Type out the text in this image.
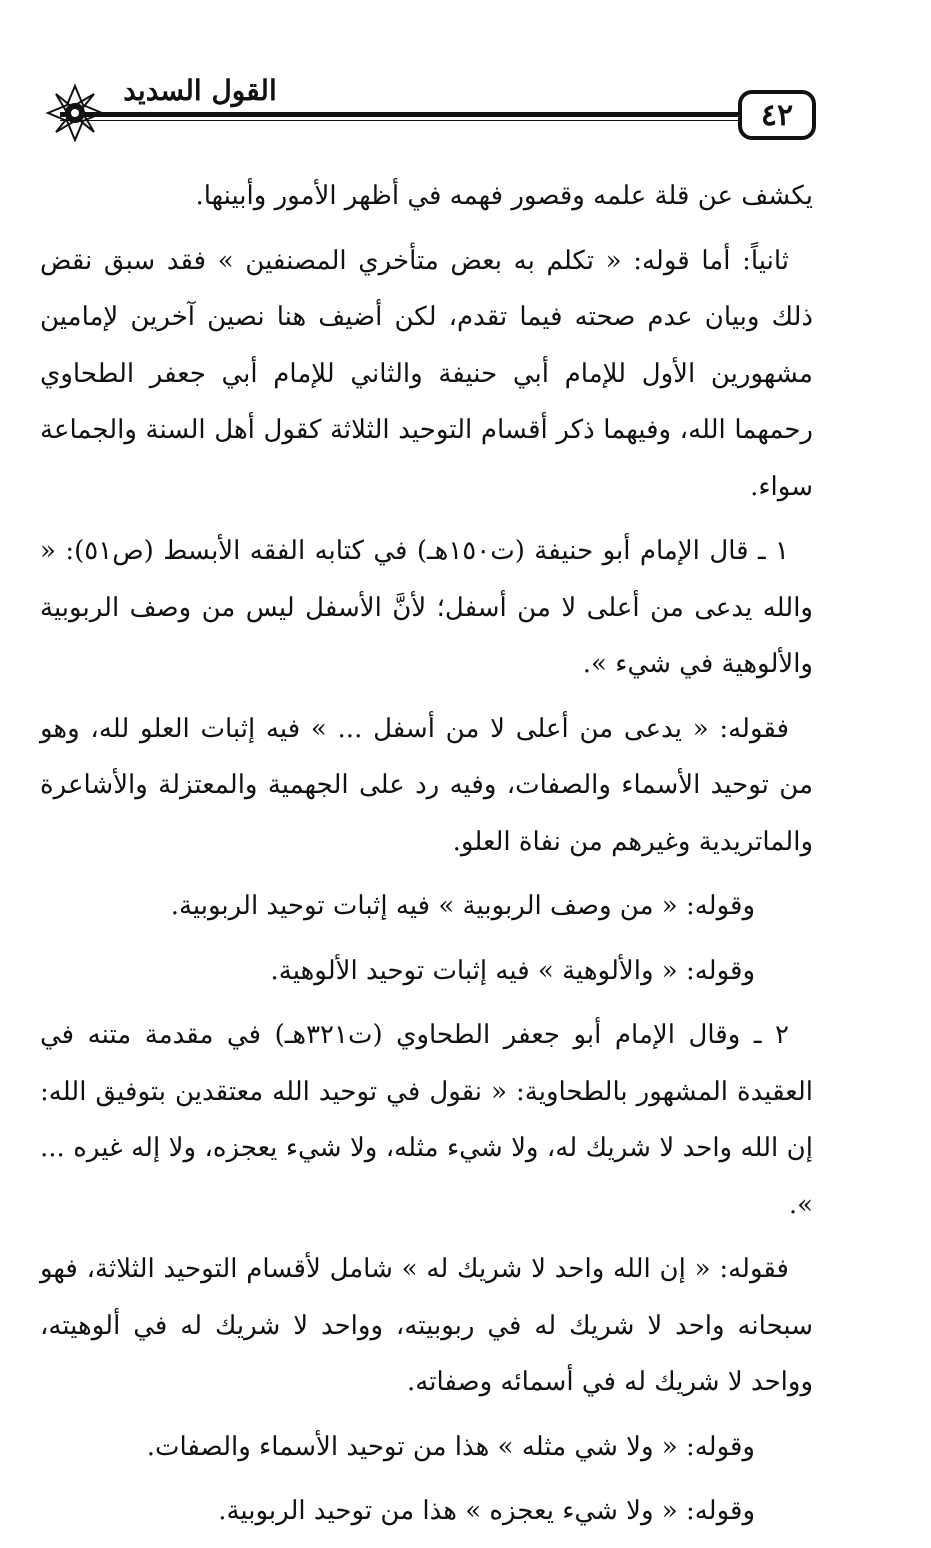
٤٢
القول السديد

يكشف عن قلة علمه وقصور فهمه في أظهر الأمور وأبينها.

ثانياً: أما قوله: « تكلم به بعض متأخري المصنفين » فقد سبق نقض ذلك وبيان عدم صحته فيما تقدم، لكن أضيف هنا نصين آخرين لإمامين مشهورين الأول للإمام أبي حنيفة والثاني للإمام أبي جعفر الطحاوي رحمهما الله، وفيهما ذكر أقسام التوحيد الثلاثة كقول أهل السنة والجماعة سواء.

١ ـ قال الإمام أبو حنيفة (ت١٥٠هـ) في كتابه الفقه الأبسط (ص٥١): « والله يدعى من أعلى لا من أسفل؛ لأنَّ الأسفل ليس من وصف الربوبية والألوهية في شيء ».

فقوله: « يدعى من أعلى لا من أسفل ... » فيه إثبات العلو لله، وهو من توحيد الأسماء والصفات، وفيه رد على الجهمية والمعتزلة والأشاعرة والماتريدية وغيرهم من نفاة العلو.

وقوله: « من وصف الربوبية » فيه إثبات توحيد الربوبية.

وقوله: « والألوهية » فيه إثبات توحيد الألوهية.

٢ ـ وقال الإمام أبو جعفر الطحاوي (ت٣٢١هـ) في مقدمة متنه في العقيدة المشهور بالطحاوية: « نقول في توحيد الله معتقدين بتوفيق الله: إن الله واحد لا شريك له، ولا شيء مثله، ولا شيء يعجزه، ولا إله غيره ... ».

فقوله: « إن الله واحد لا شريك له » شامل لأقسام التوحيد الثلاثة، فهو سبحانه واحد لا شريك له في ربوبيته، وواحد لا شريك له في ألوهيته، وواحد لا شريك له في أسمائه وصفاته.

وقوله: « ولا شي مثله » هذا من توحيد الأسماء والصفات.

وقوله: « ولا شيء يعجزه » هذا من توحيد الربوبية.
